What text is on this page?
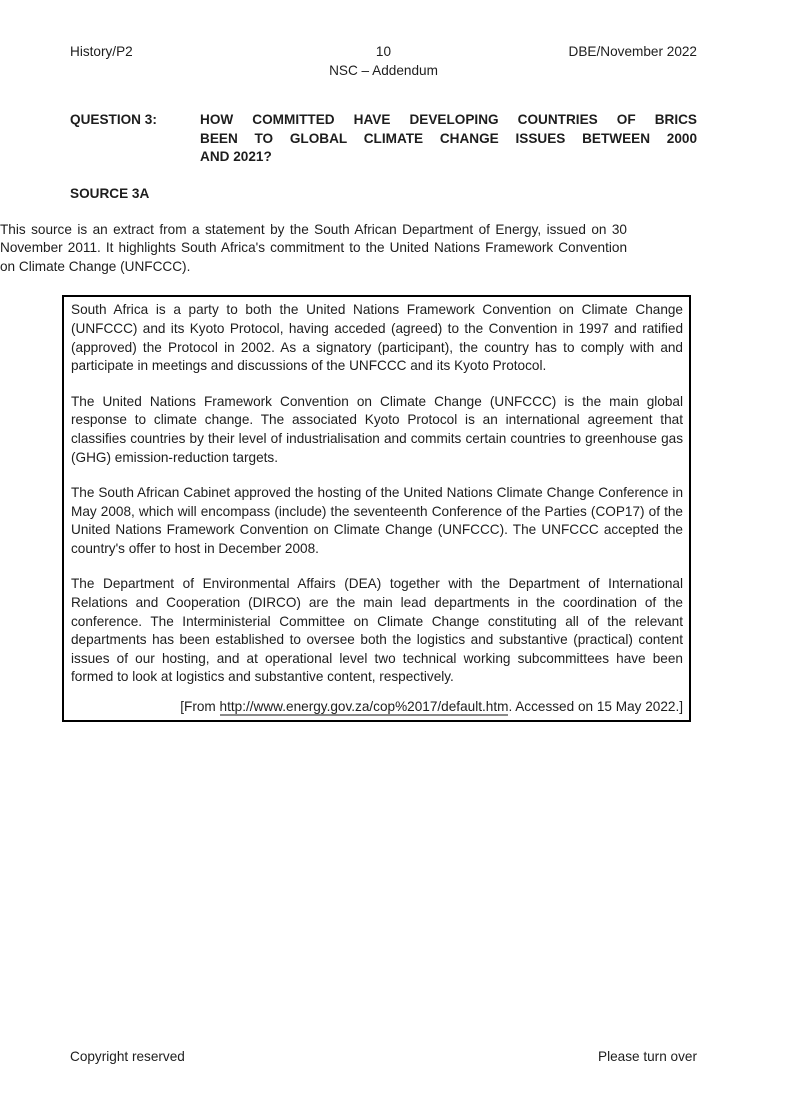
History/P2	10
NSC – Addendum
DBE/November 2022
QUESTION 3:	HOW COMMITTED HAVE DEVELOPING COUNTRIES OF BRICS
BEEN TO GLOBAL CLIMATE CHANGE ISSUES BETWEEN 2000
AND 2021?
SOURCE 3A

This source is an extract from a statement by the South African Department of Energy, issued on 30 November 2011. It highlights South Africa's commitment to the United Nations Framework Convention on Climate Change (UNFCCC).

South Africa is a party to both the United Nations Framework Convention on Climate Change (UNFCCC) and its Kyoto Protocol, having acceded (agreed) to the Convention in 1997 and ratified (approved) the Protocol in 2002. As a signatory (participant), the country has to comply with and participate in meetings and discussions of the UNFCCC and its Kyoto Protocol.

The United Nations Framework Convention on Climate Change (UNFCCC) is the main global response to climate change. The associated Kyoto Protocol is an international agreement that classifies countries by their level of industrialisation and commits certain countries to greenhouse gas (GHG) emission-reduction targets.

The South African Cabinet approved the hosting of the United Nations Climate Change Conference in May 2008, which will encompass (include) the seventeenth Conference of the Parties (COP17) of the United Nations Framework Convention on Climate Change (UNFCCC). The UNFCCC accepted the country's offer to host in December 2008.

The Department of Environmental Affairs (DEA) together with the Department of International Relations and Cooperation (DIRCO) are the main lead departments in the coordination of the conference. The Interministerial Committee on Climate Change constituting all of the relevant departments has been established to oversee both the logistics and substantive (practical) content issues of our hosting, and at operational level two technical working subcommittees have been formed to look at logistics and substantive content, respectively.

[From http://www.energy.gov.za/cop%2017/default.htm. Accessed on 15 May 2022.]
Copyright reserved	Please turn over
